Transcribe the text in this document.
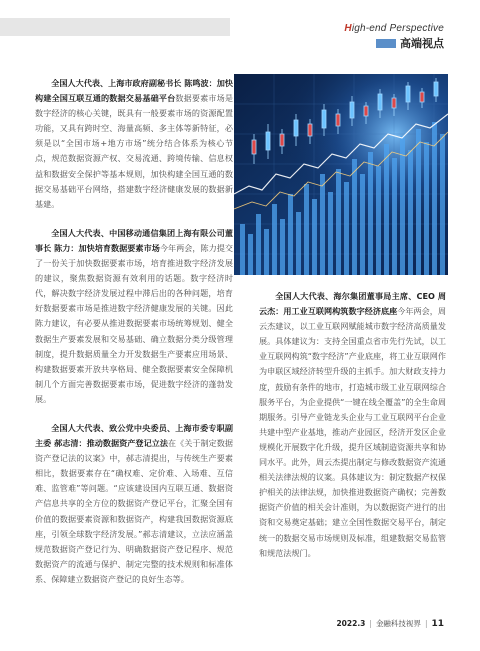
High-end Perspective
高端视点

全国人大代表、上海市政府副秘书长 陈鸣波：加快构建全国互联互通的数据交易基础平台数据要素市场是数字经济的核心关键，既具有一般要素市场的资源配置功能，又具有跨时空、海量高频、多主体等新特征，必须是以“全国市场+地方市场”统分结合体系为核心节点，规范数据资源产权、交易流通、跨境传输、信息权益和数据安全保护等基本规则，加快构建全国互通的数据交易基础平台网络，搭建数字经济健康发展的数据新基建。

全国人大代表、中国移动通信集团上海有限公司董事长 陈力：加快培育数据要素市场今年两会，陈力提交了一份关于加快数据要素市场，培育推进数字经济发展的建议，聚焦数据资源有效利用的话题。数字经济时代，解决数字经济发展过程中滞后出的各种问题，培育好数据要素市场是推进数字经济健康发展的关键。因此陈力建议，有必要从推进数据要素市场统筹规划、健全数据生产要素发展和交易基础、确立数据分类分级管理制度，提升数据质量全力开发数据生产要素应用场景、构建数据要素开放共享格局、健全数据要素安全保障机制几个方面完善数据要素市场，促进数字经济的蓬勃发展。

全国人大代表、致公党中央委员、上海市委专职副主委 郝志清：推动数据资产登记立法在《关于制定数据资产登记法的议案》中，郝志清提出，与传统生产要素相比，数据要素存在“确权难、定价难、入场难、互信难、监管难”等问题。“应该建设国内互联互通、数据资产信息共享的全方位的数据资产登记平台，汇聚全国有价值的数据要素资源和数据资产，构建我国数据资源底座，引领全球数字经济发展。”郝志清建议，立法应涵盖规范数据资产登记行为、明确数据资产登记程序、规范数据资产的流通与保护、制定完整的技术规则和标准体系、保障建立数据资产登记的良好生态等。

全国人大代表、海尔集团董事局主席、CEO 周云杰：用工业互联网构筑数字经济底座今年两会，周云杰建议，以工业互联网赋能城市数字经济高质量发展。具体建议为：支持全国重点省市先行先试，以工业互联网构筑“数字经济”产业底座，将工业互联网作为申联区域经济转型升级的主抓手。加大财政支持力度，鼓励有条件的地市，打造城市级工业互联网综合服务平台，为企业提供“一键在线全覆盖”的全生命周期服务。引导产业链龙头企业与工业互联网平台企业共建中型产业基地，推动产业园区，经济开发区企业规模化开展数字化升级，提升区域制造资源共享和协同水平。此外，周云杰提出制定与修改数据资产流通相关法律法规的议案。具体建议为：制定数据产权保护相关的法律法规，加快推进数据资产确权；完善数据资产价值的相关会计准则，为以数据资产进行的出资和交易奠定基础；建立全国性数据交易平台，制定统一的数据交易市场规则及标准，组建数据交易监管和规范法规门。

2022.3 | 金融科技视界 | 11
